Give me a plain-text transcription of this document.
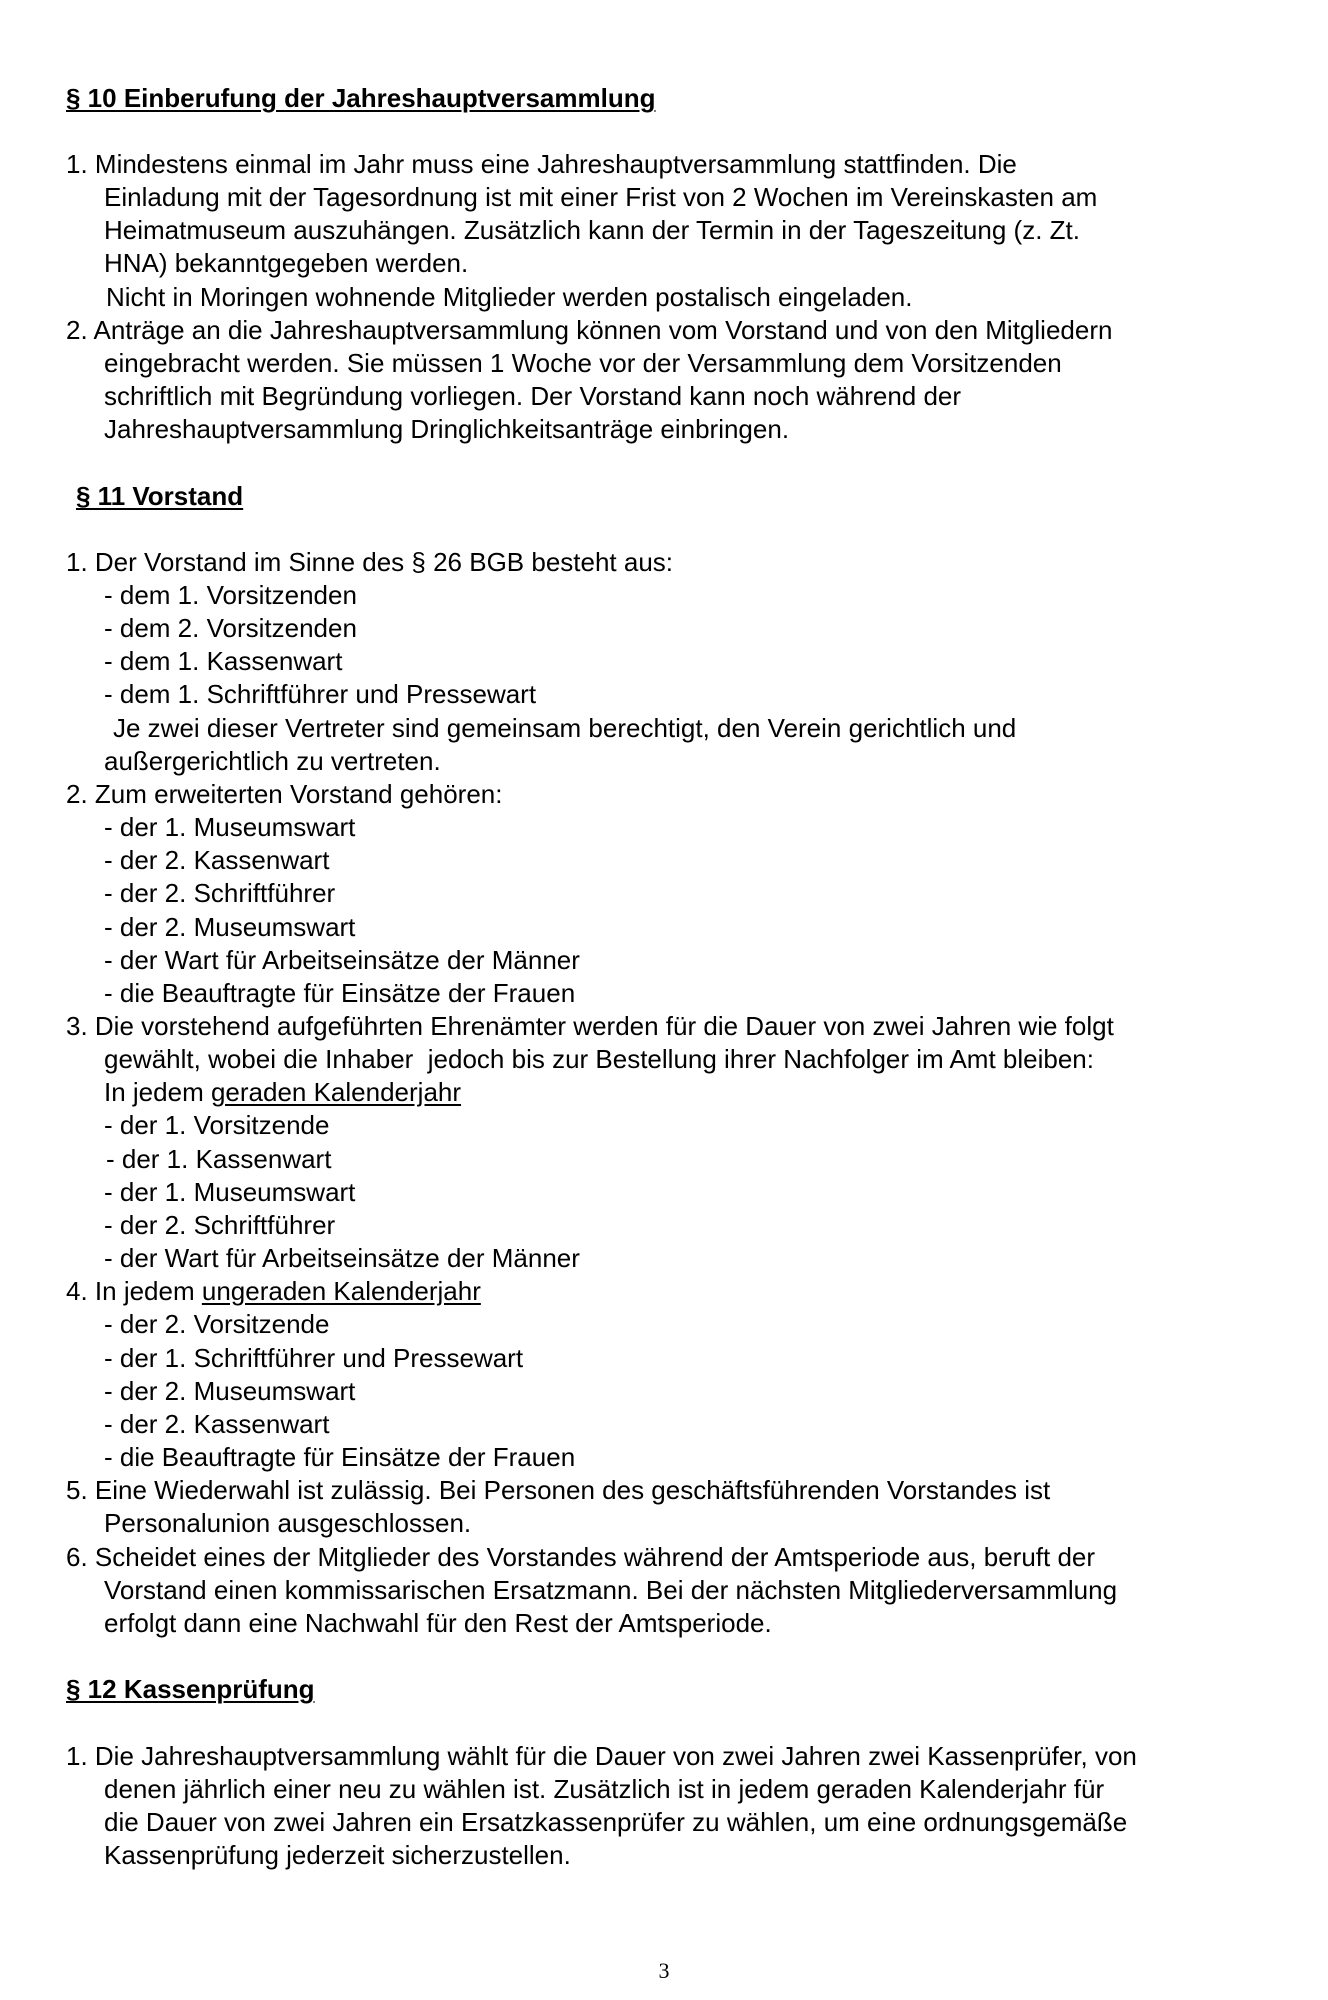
§ 10 Einberufung der Jahreshauptversammlung
1. Mindestens einmal im Jahr muss eine Jahreshauptversammlung stattfinden. Die
Einladung mit der Tagesordnung ist mit einer Frist von 2 Wochen im Vereinskasten am
Heimatmuseum auszuhängen. Zusätzlich kann der Termin in der Tageszeitung (z. Zt.
HNA) bekanntgegeben werden.
Nicht in Moringen wohnende Mitglieder werden postalisch eingeladen.
2. Anträge an die Jahreshauptversammlung können vom Vorstand und von den Mitgliedern
eingebracht werden. Sie müssen 1 Woche vor der Versammlung dem Vorsitzenden
schriftlich mit Begründung vorliegen. Der Vorstand kann noch während der
Jahreshauptversammlung Dringlichkeitsanträge einbringen.
§ 11 Vorstand
1. Der Vorstand im Sinne des § 26 BGB besteht aus:
- dem 1. Vorsitzenden
- dem 2. Vorsitzenden
- dem 1. Kassenwart
- dem 1. Schriftführer und Pressewart
Je zwei dieser Vertreter sind gemeinsam berechtigt, den Verein gerichtlich und
außergerichtlich zu vertreten.
2. Zum erweiterten Vorstand gehören:
- der 1. Museumswart
- der 2. Kassenwart
- der 2. Schriftführer
- der 2. Museumswart
- der Wart für Arbeitseinsätze der Männer
- die Beauftragte für Einsätze der Frauen
3. Die vorstehend aufgeführten Ehrenämter werden für die Dauer von zwei Jahren wie folgt
gewählt, wobei die Inhaber  jedoch bis zur Bestellung ihrer Nachfolger im Amt bleiben:
In jedem geraden Kalenderjahr
- der 1. Vorsitzende
- der 1. Kassenwart
- der 1. Museumswart
- der 2. Schriftführer
- der Wart für Arbeitseinsätze der Männer
4. In jedem ungeraden Kalenderjahr
- der 2. Vorsitzende
- der 1. Schriftführer und Pressewart
- der 2. Museumswart
- der 2. Kassenwart
- die Beauftragte für Einsätze der Frauen
5. Eine Wiederwahl ist zulässig. Bei Personen des geschäftsführenden Vorstandes ist
Personalunion ausgeschlossen.
6. Scheidet eines der Mitglieder des Vorstandes während der Amtsperiode aus, beruft der
Vorstand einen kommissarischen Ersatzmann. Bei der nächsten Mitgliederversammlung
erfolgt dann eine Nachwahl für den Rest der Amtsperiode.
§ 12 Kassenprüfung
1. Die Jahreshauptversammlung wählt für die Dauer von zwei Jahren zwei Kassenprüfer, von
denen jährlich einer neu zu wählen ist. Zusätzlich ist in jedem geraden Kalenderjahr für
die Dauer von zwei Jahren ein Ersatzkassenprüfer zu wählen, um eine ordnungsgemäße
Kassenprüfung jederzeit sicherzustellen.
3
